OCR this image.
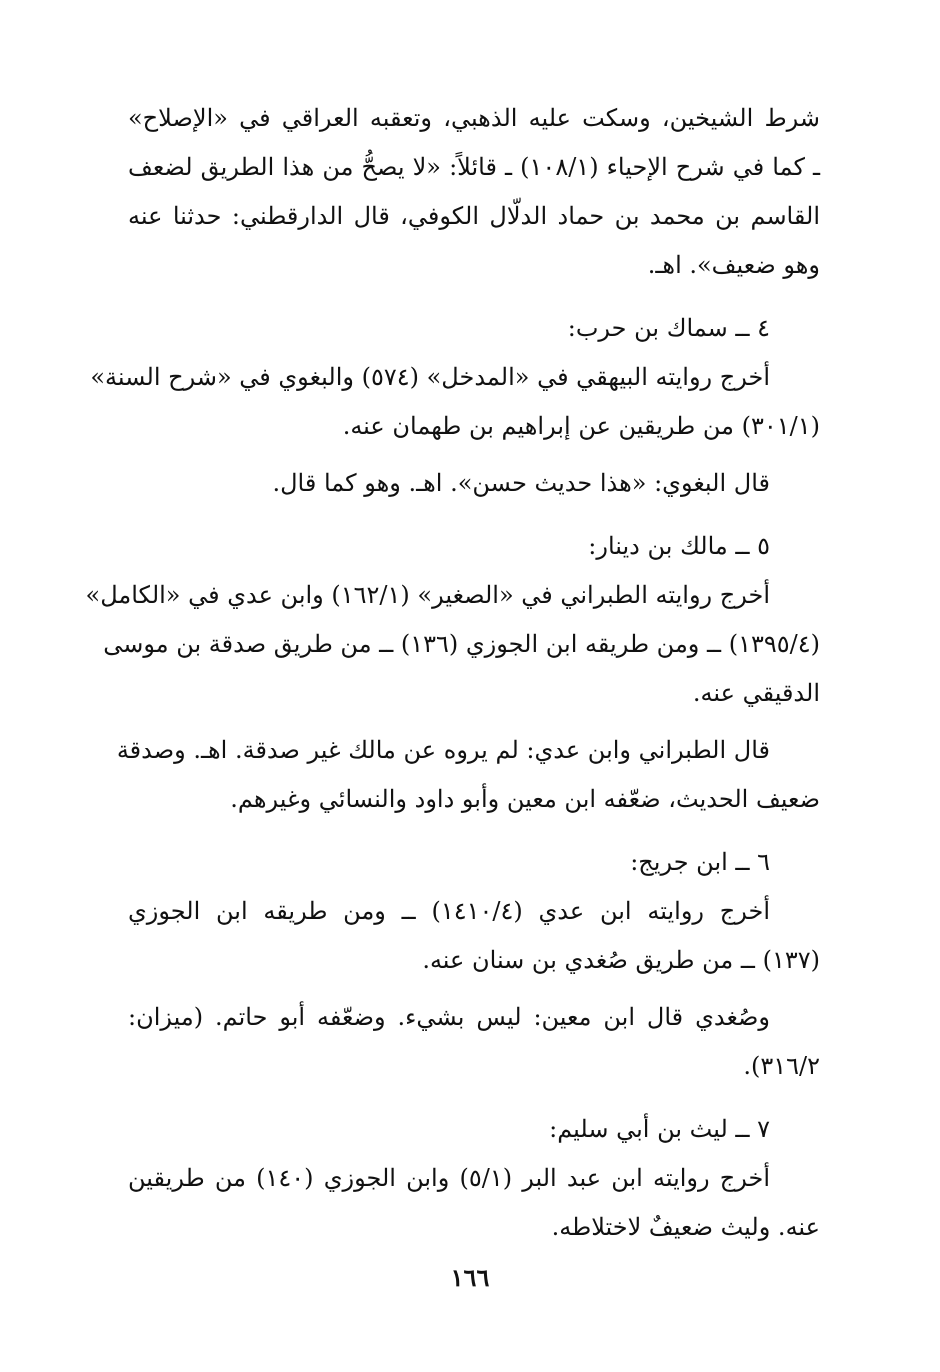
شرط الشيخين، وسكت عليه الذهبي، وتعقبه العراقي في «الإصلاح»
ـ كما في شرح الإحياء (١٠٨/١) ـ قائلاً: «لا يصحُّ من هذا الطريق لضعف
القاسم بن محمد بن حماد الدلّال الكوفي، قال الدارقطني: حدثنا عنه
وهو ضعيف». اهـ.
٤ ــ سماك بن حرب:
أخرج روايته البيهقي في «المدخل» (٥٧٤) والبغوي في «شرح السنة»
(٣٠١/١) من طريقين عن إبراهيم بن طهمان عنه.
قال البغوي: «هذا حديث حسن». اهـ. وهو كما قال.
٥ ــ مالك بن دينار:
أخرج روايته الطبراني في «الصغير» (١٦٢/١) وابن عدي في «الكامل»
(١٣٩٥/٤) ــ ومن طريقه ابن الجوزي (١٣٦) ــ من طريق صدقة بن موسى
الدقيقي عنه.
قال الطبراني وابن عدي: لم يروه عن مالك غير صدقة. اهـ. وصدقة
ضعيف الحديث، ضعّفه ابن معين وأبو داود والنسائي وغيرهم.
٦ ــ ابن جريج:
أخرج روايته ابن عدي (١٤١٠/٤) ــ ومن طريقه ابن الجوزي
(١٣٧) ــ من طريق صُغدي بن سنان عنه.
وصُغدي قال ابن معين: ليس بشيء. وضعّفه أبو حاتم. (ميزان:
٣١٦/٢).
٧ ــ ليث بن أبي سليم:
أخرج روايته ابن عبد البر (٥/١) وابن الجوزي (١٤٠) من طريقين
عنه. وليث ضعيفٌ لاختلاطه.
١٦٦
